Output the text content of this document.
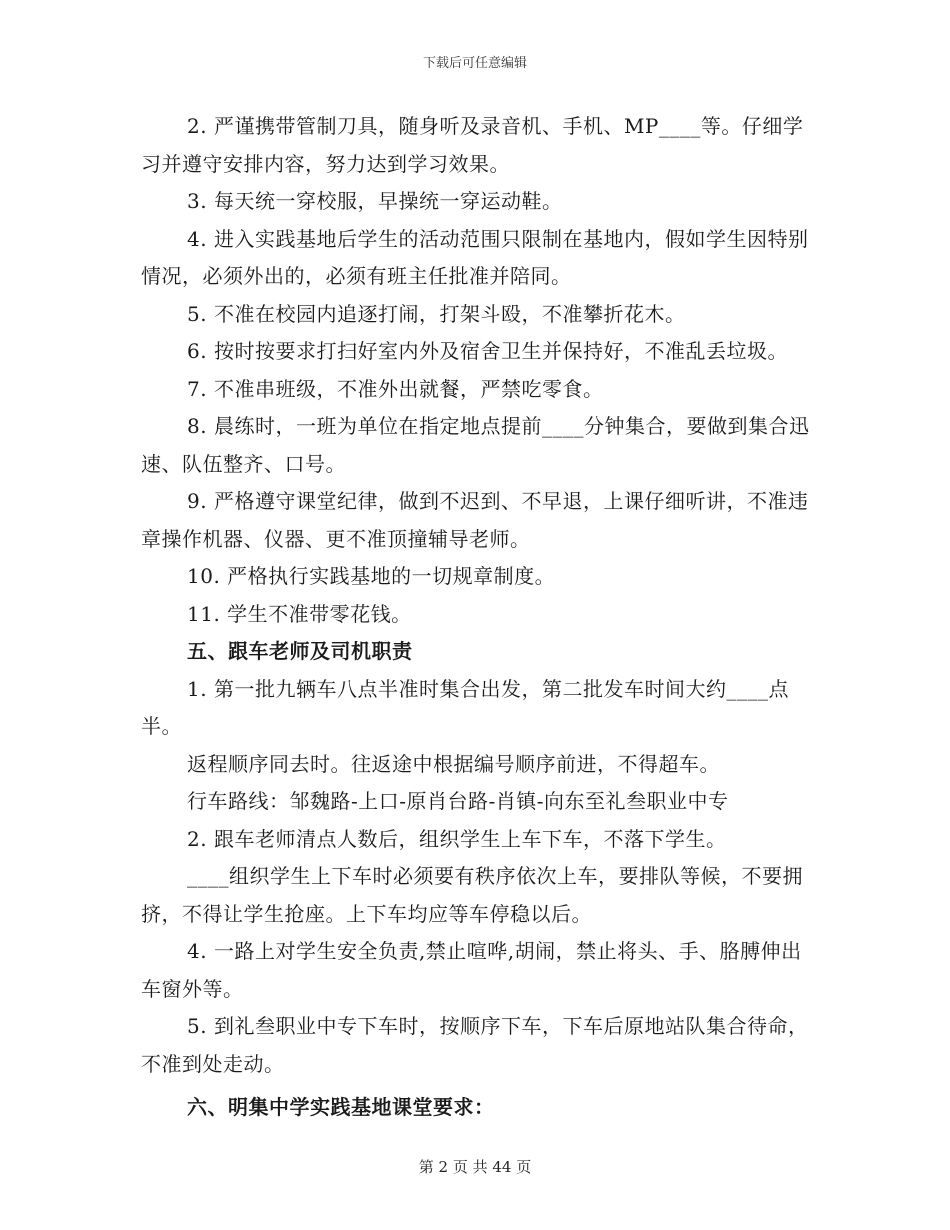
下载后可任意编辑

2. 严谨携带管制刀具，随身听及录音机、手机、MP____等。仔细学习并遵守安排内容，努力达到学习效果。

3. 每天统一穿校服，早操统一穿运动鞋。

4. 进入实践基地后学生的活动范围只限制在基地内，假如学生因特别情况，必须外出的，必须有班主任批准并陪同。

5. 不准在校园内追逐打闹，打架斗殴，不准攀折花木。

6. 按时按要求打扫好室内外及宿舍卫生并保持好，不准乱丢垃圾。

7. 不准串班级，不准外出就餐，严禁吃零食。

8. 晨练时，一班为单位在指定地点提前____分钟集合，要做到集合迅速、队伍整齐、口号。

9. 严格遵守课堂纪律，做到不迟到、不早退，上课仔细听讲，不准违章操作机器、仪器、更不准顶撞辅导老师。

10. 严格执行实践基地的一切规章制度。

11. 学生不准带零花钱。

五、跟车老师及司机职责

1. 第一批九辆车八点半准时集合出发，第二批发车时间大约____点半。

返程顺序同去时。往返途中根据编号顺序前进，不得超车。

行车路线：邹魏路-上口-原肖台路-肖镇-向东至礼叁职业中专

2. 跟车老师清点人数后，组织学生上车下车，不落下学生。

____组织学生上下车时必须要有秩序依次上车，要排队等候，不要拥挤，不得让学生抢座。上下车均应等车停稳以后。

4. 一路上对学生安全负责,禁止喧哗,胡闹，禁止将头、手、胳膊伸出车窗外等。

5. 到礼叁职业中专下车时，按顺序下车，下车后原地站队集合待命，不准到处走动。

六、明集中学实践基地课堂要求：

第 2 页 共 44 页
